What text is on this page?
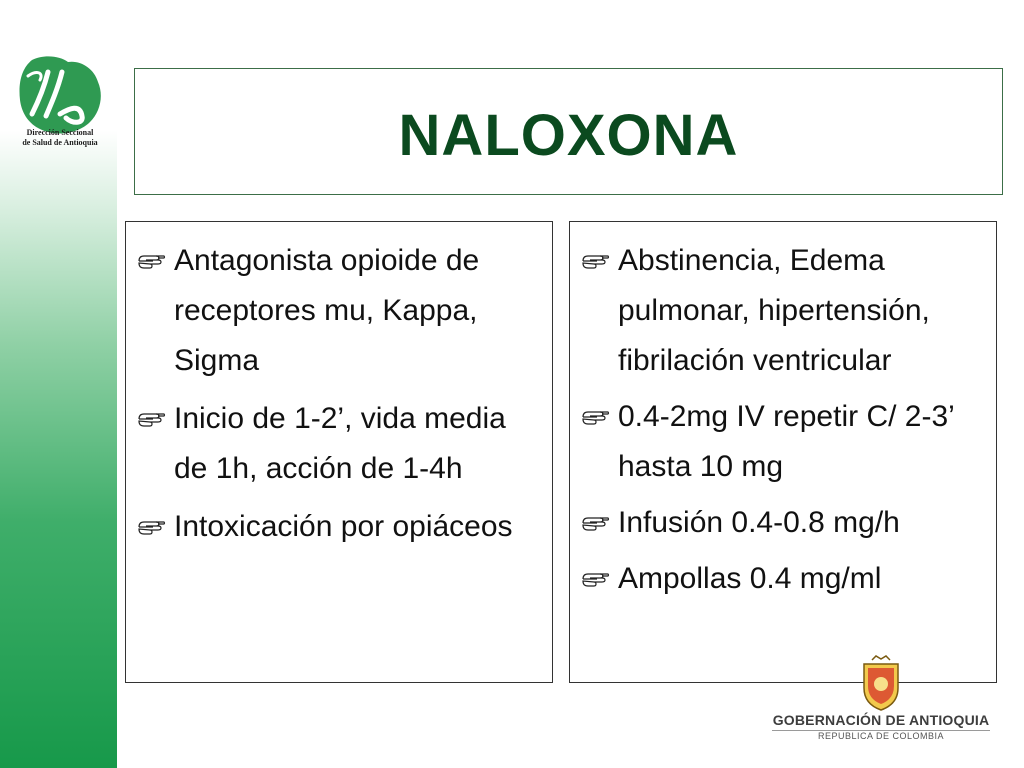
Dirección Seccional
de Salud de Antioquia	NALOXONA
Antagonista opioide de receptores mu, Kappa, Sigma
Inicio de 1-2’, vida media de 1h, acción de 1-4h
Intoxicación por opiáceos
Abstinencia, Edema pulmonar, hipertensión, fibrilación ventricular
0.4-2mg IV repetir C/ 2-3’ hasta 10 mg
Infusión 0.4-0.8 mg/h
Ampollas 0.4 mg/ml
GOBERNACIÓN DE ANTIOQUIA
REPUBLICA DE COLOMBIA
